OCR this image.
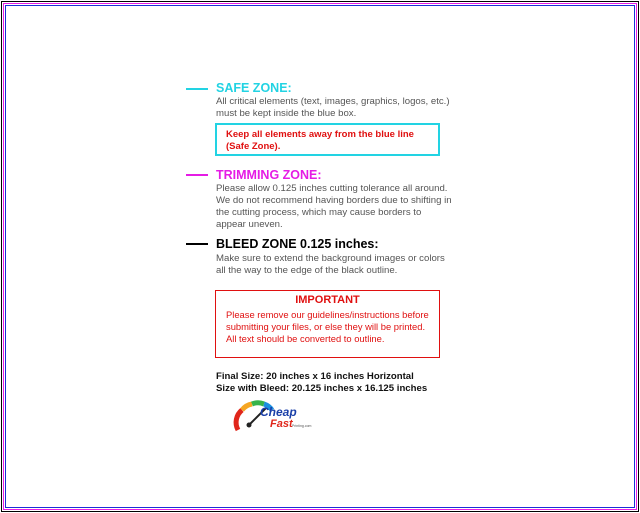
SAFE ZONE:
All critical elements (text, images, graphics, logos, etc.)
must be kept inside the blue box.
Keep all elements away from the blue line
(Safe Zone).
TRIMMING ZONE:
Please allow 0.125 inches cutting tolerance all around.
We do not recommend having borders due to shifting in
the cutting process, which may cause borders to
appear uneven.
BLEED ZONE 0.125 inches:
Make sure to extend the background images or colors
all the way to the edge of the black outline.
IMPORTANT
Please remove our guidelines/instructions before
submitting your files, or else they will be printed.
All text should be converted to outline.
Final Size: 20 inches x 16 inches Horizontal
Size with Bleed: 20.125 inches x 16.125 inches
Cheap
Fast Printing.com
